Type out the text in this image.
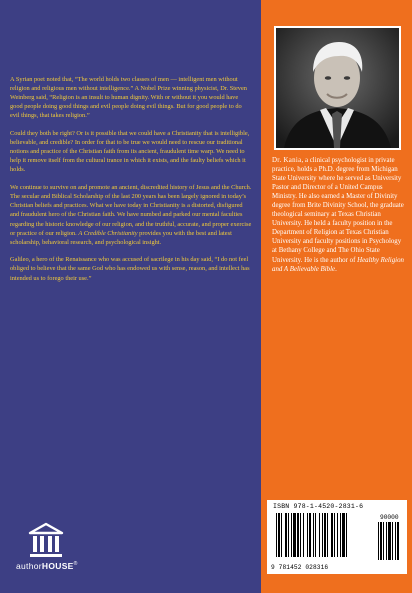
A Syrian poet noted that, “The world holds two classes of men — intelligent men without religion and religious men without intelligence.” A Nobel Prize winning physicist, Dr. Steven Weinberg said, “Religion is an insult to human dignity. With or without it you would have good people doing good things and evil people doing evil things. But for good people to do evil things, that takes religion.”

Could they both be right? Or is it possible that we could have a Christianity that is intelligible, believable, and credible? In order for that to be true we would need to rescue our traditional notions and practice of the Christian faith from its ancient, fraudulent time warp. We need to help it remove itself from the cultural trance in which it exists, and the faulty beliefs which it holds.

We continue to survive on and promote an ancient, discredited history of Jesus and the Church. The secular and Biblical Scholarship of the last 200 years has been largely ignored in today’s Christian beliefs and practices. What we have today in Christianity is a distorted, disfigured and fraudulent hero of the Christian faith. We have numbed and parked our mental faculties regarding the historic knowledge of our religion, and the truthful, accurate, and proper exercise or practice of our religion. A Credible Christianity provides you with the best and latest scholarship, behavioral research, and psychological insight.

Galileo, a hero of the Renaissance who was accused of sacrilege in his day said, “I do not feel obliged to believe that the same God who has endowed us with sense, reason, and intellect has intended us to forego their use.”

authorHOUSE®
Dr. Kania, a clinical psychologist in private practice, holds a Ph.D. degree from Michigan State University where he served as University Pastor and Director of a United Campus Ministry. He also earned a Master of Divinity degree from Brite Divinity School, the graduate theological seminary at Texas Christian University. He held a faculty position in the Department of Religion at Texas Christian University and faculty positions in Psychology at Bethany College and The Ohio State University. He is the author of Healthy Religion and A Believable Bible.
ISBN 978-1-4520-2831-6
90000
9 781452 028316
